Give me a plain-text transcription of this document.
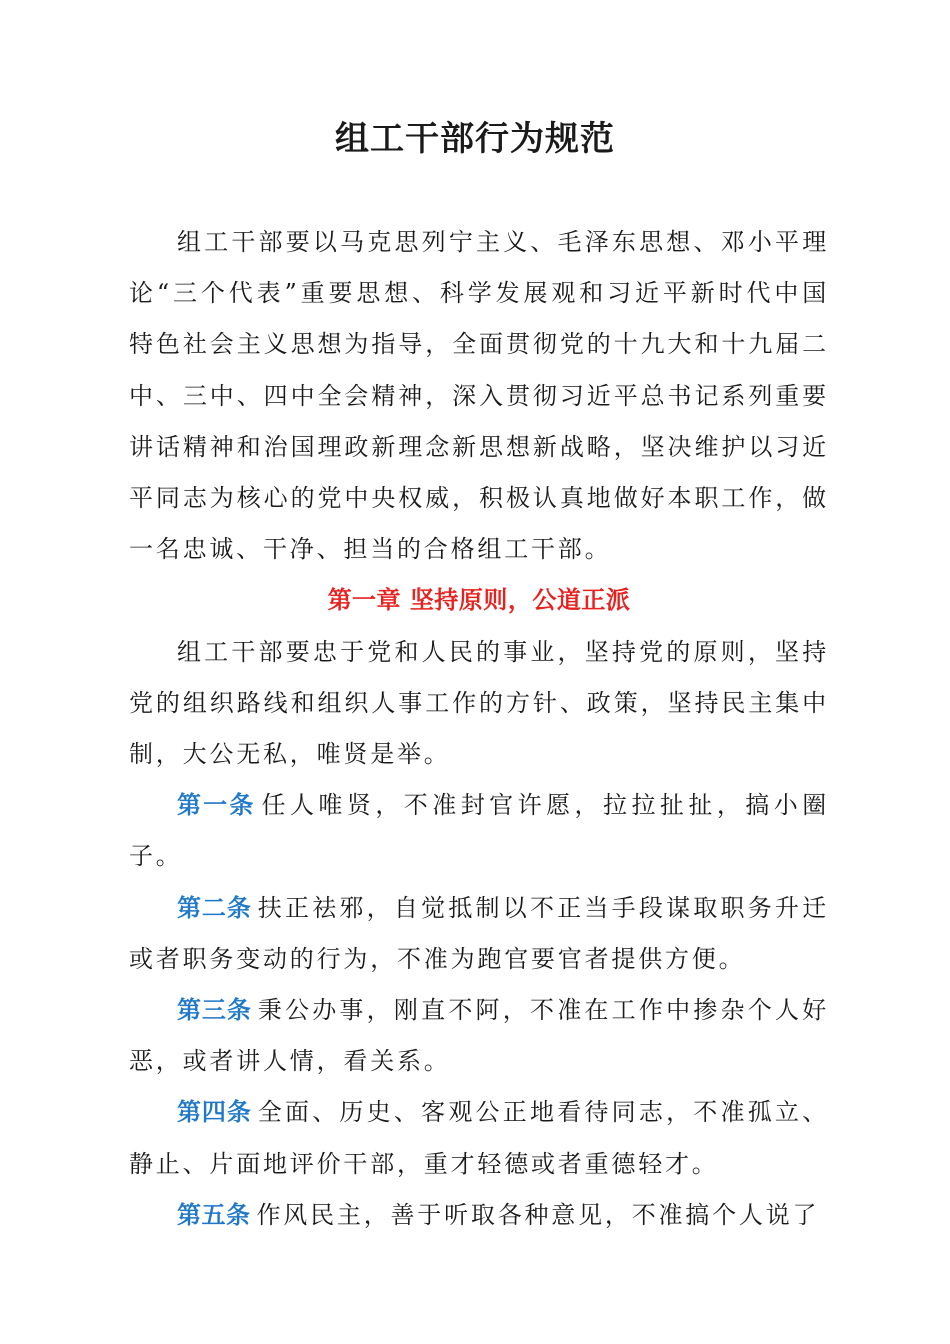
组工干部行为规范

组工干部要以马克思列宁主义、毛泽东思想、邓小平理论“三个代表”重要思想、科学发展观和习近平新时代中国特色社会主义思想为指导，全面贯彻党的十九大和十九届二中、三中、四中全会精神，深入贯彻习近平总书记系列重要讲话精神和治国理政新理念新思想新战略，坚决维护以习近平同志为核心的党中央权威，积极认真地做好本职工作，做一名忠诚、干净、担当的合格组工干部。

第一章 坚持原则，公道正派

组工干部要忠于党和人民的事业，坚持党的原则，坚持党的组织路线和组织人事工作的方针、政策，坚持民主集中制，大公无私，唯贤是举。

第一条 任人唯贤，不准封官许愿，拉拉扯扯，搞小圈子。

第二条 扶正祛邪，自觉抵制以不正当手段谋取职务升迁或者职务变动的行为，不准为跑官要官者提供方便。

第三条 秉公办事，刚直不阿，不准在工作中掺杂个人好恶，或者讲人情，看关系。

第四条 全面、历史、客观公正地看待同志，不准孤立、静止、片面地评价干部，重才轻德或者重德轻才。

第五条 作风民主，善于听取各种意见，不准搞个人说了
